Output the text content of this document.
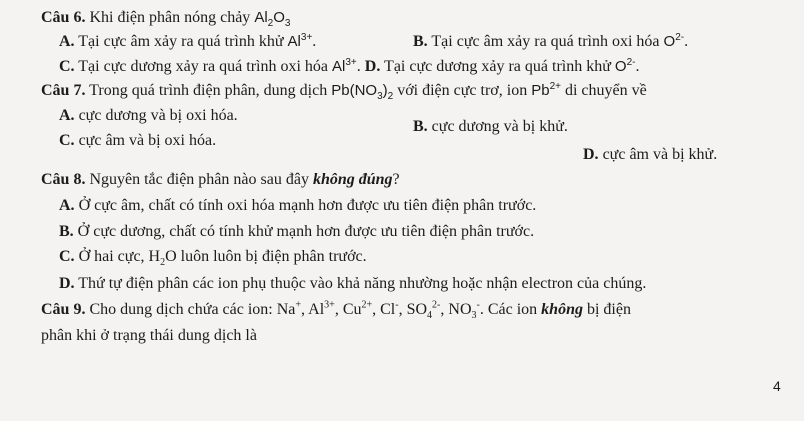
Câu 6. Khi điện phân nóng chảy $Al_2O_3$
A. Tại cực âm xảy ra quá trình khử $Al^{3+}$.	B. Tại cực âm xảy ra quá trình oxi hóa $O^{2-}$.
C. Tại cực dương xảy ra quá trình oxi hóa $Al^{3+}$. D. Tại cực dương xảy ra quá trình khử $O^{2-}$.
Câu 7. Trong quá trình điện phân, dung dịch $Pb(NO_3)_2$ với điện cực trơ, ion $Pb^{2+}$ di chuyển về
A. cực dương và bị oxi hóa.
B. cực dương và bị khử.
C. cực âm và bị oxi hóa.
D. cực âm và bị khử.
Câu 8. Nguyên tắc điện phân nào sau đây không đúng?
A. Ở cực âm, chất có tính oxi hóa mạnh hơn được ưu tiên điện phân trước.
B. Ở cực dương, chất có tính khử mạnh hơn được ưu tiên điện phân trước.
C. Ở hai cực, $H_2O$ luôn luôn bị điện phân trước.
D. Thứ tự điện phân các ion phụ thuộc vào khả năng nhường hoặc nhận electron của chúng.
Câu 9. Cho dung dịch chứa các ion: Na+, $Al^{3+}$, $Cu^{2+}$, Cl-, $SO_4^{2-}$, $NO_3^-$. Các ion không bị điện
phân khi ở trạng thái dung dịch là
4
